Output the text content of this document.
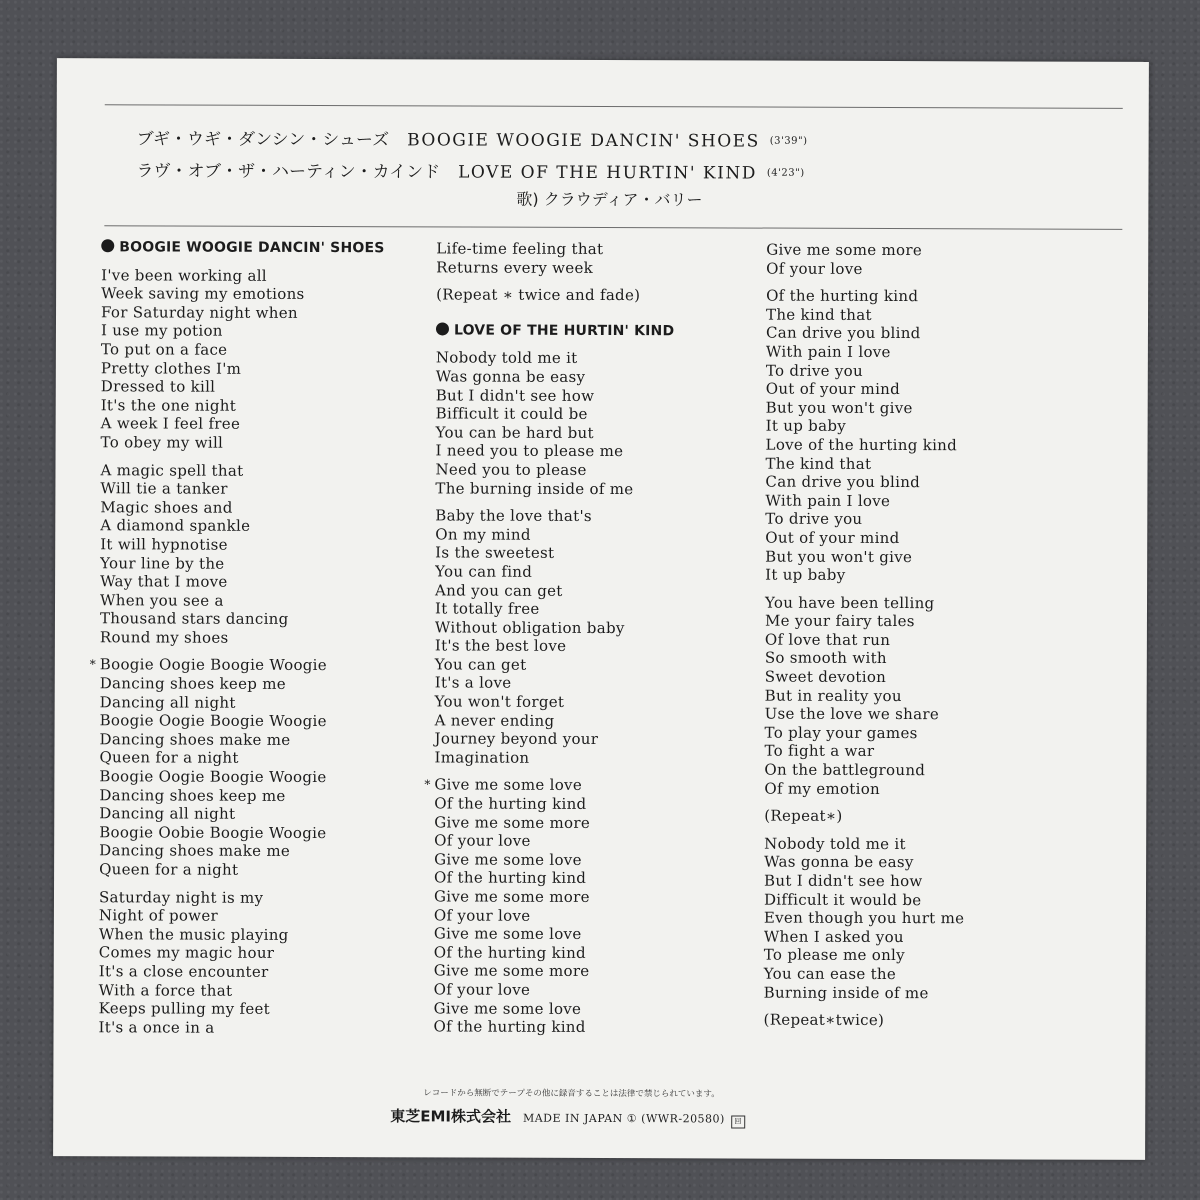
ブギ・ウギ・ダンシン・シューズ BOOGIE WOOGIE DANCIN' SHOES (3'39")
ラヴ・オブ・ザ・ハーティン・カインド LOVE OF THE HURTIN' KIND (4'23")
歌) クラウディア・バリー
BOOGIE WOOGIE DANCIN' SHOES
I've been working all
Week saving my emotions
For Saturday night when
I use my potion
To put on a face
Pretty clothes I'm
Dressed to kill
It's the one night
A week I feel free
To obey my will
A magic spell that
Will tie a tanker
Magic shoes and
A diamond spankle
It will hypnotise
Your line by the
Way that I move
When you see a
Thousand stars dancing
Round my shoes
* Boogie Oogie Boogie Woogie
Dancing shoes keep me
Dancing all night
Boogie Oogie Boogie Woogie
Dancing shoes make me
Queen for a night
Boogie Oogie Boogie Woogie
Dancing shoes keep me
Dancing all night
Boogie Oobie Boogie Woogie
Dancing shoes make me
Queen for a night
Saturday night is my
Night of power
When the music playing
Comes my magic hour
It's a close encounter
With a force that
Keeps pulling my feet
It's a once in a
Life-time feeling that
Returns every week
(Repeat ∗ twice and fade)
LOVE OF THE HURTIN' KIND
Nobody told me it
Was gonna be easy
But I didn't see how
Bifficult it could be
You can be hard but
I need you to please me
Need you to please
The burning inside of me
Baby the love that's
On my mind
Is the sweetest
You can find
And you can get
It totally free
Without obligation baby
It's the best love
You can get
It's a love
You won't forget
A never ending
Journey beyond your
Imagination
* Give me some love
Of the hurting kind
Give me some more
Of your love
Give me some love
Of the hurting kind
Give me some more
Of your love
Give me some love
Of the hurting kind
Give me some more
Of your love
Give me some love
Of the hurting kind
Give me some more
Of your love
Of the hurting kind
The kind that
Can drive you blind
With pain I love
To drive you
Out of your mind
But you won't give
It up baby
Love of the hurting kind
The kind that
Can drive you blind
With pain I love
To drive you
Out of your mind
But you won't give
It up baby
You have been telling
Me your fairy tales
Of love that run
So smooth with
Sweet devotion
But in reality you
Use the love we share
To play your games
To fight a war
On the battleground
Of my emotion
(Repeat∗)
Nobody told me it
Was gonna be easy
But I didn't see how
Difficult it would be
Even though you hurt me
When I asked you
To please me only
You can ease the
Burning inside of me
(Repeat∗twice)
レコードから無断でテープその他に録音することは法律で禁じられています。
東芝EMI株式会社 MADE IN JAPAN ① (WWR-20580) 回
